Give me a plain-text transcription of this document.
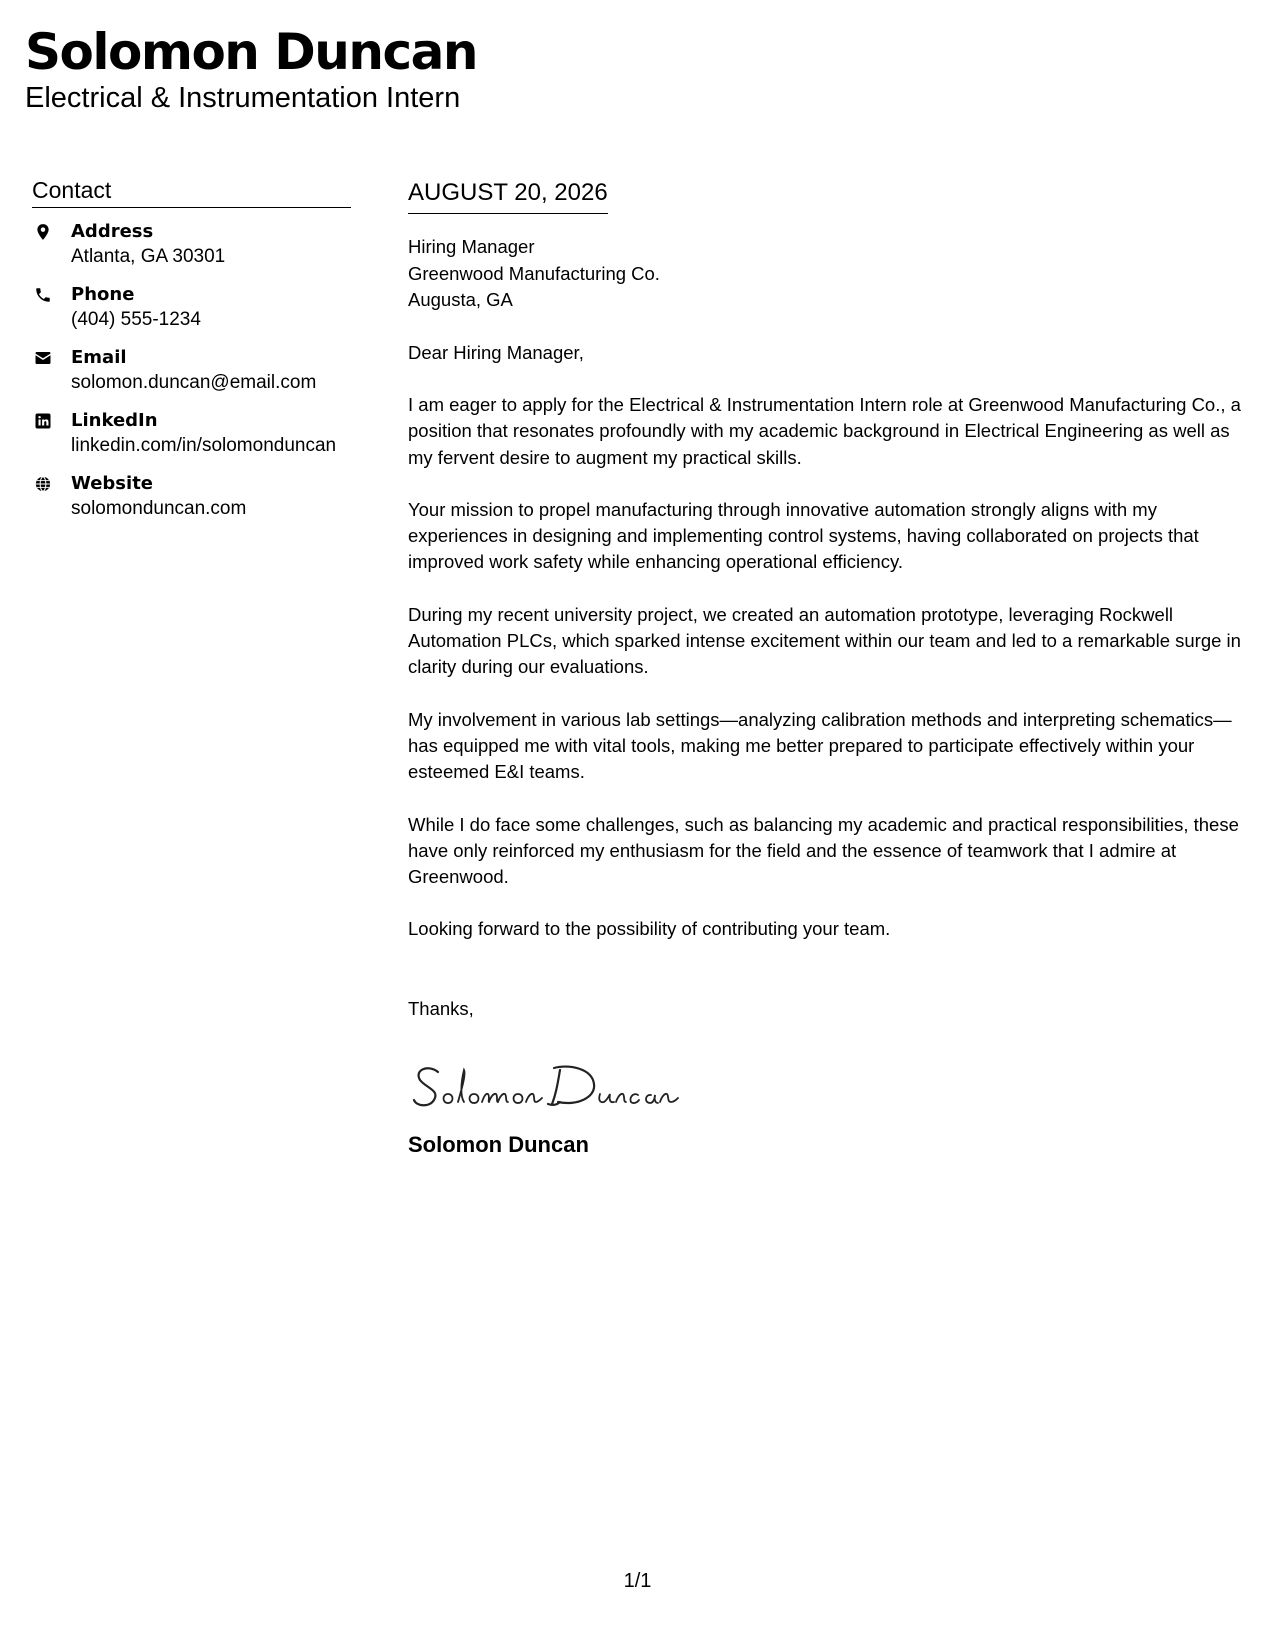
Solomon Duncan
Electrical & Instrumentation Intern
Contact
Address
Atlanta, GA 30301
Phone
(404) 555-1234
Email
solomon.duncan@email.com
LinkedIn
linkedin.com/in/solomonduncan
Website
solomonduncan.com
AUGUST 20, 2026
Hiring Manager
Greenwood Manufacturing Co.
Augusta, GA
Dear Hiring Manager,

I am eager to apply for the Electrical & Instrumentation Intern role at Greenwood Manufacturing Co., a position that resonates profoundly with my academic background in Electrical Engineering as well as my fervent desire to augment my practical skills.

Your mission to propel manufacturing through innovative automation strongly aligns with my experiences in designing and implementing control systems, having collaborated on projects that improved work safety while enhancing operational efficiency.

During my recent university project, we created an automation prototype, leveraging Rockwell Automation PLCs, which sparked intense excitement within our team and led to a remarkable surge in clarity during our evaluations.

My involvement in various lab settings—analyzing calibration methods and interpreting schematics—has equipped me with vital tools, making me better prepared to participate effectively within your esteemed E&I teams.

While I do face some challenges, such as balancing my academic and practical responsibilities, these have only reinforced my enthusiasm for the field and the essence of teamwork that I admire at Greenwood.

Looking forward to the possibility of contributing your team.

Thanks,
Solomon Duncan
1/1
